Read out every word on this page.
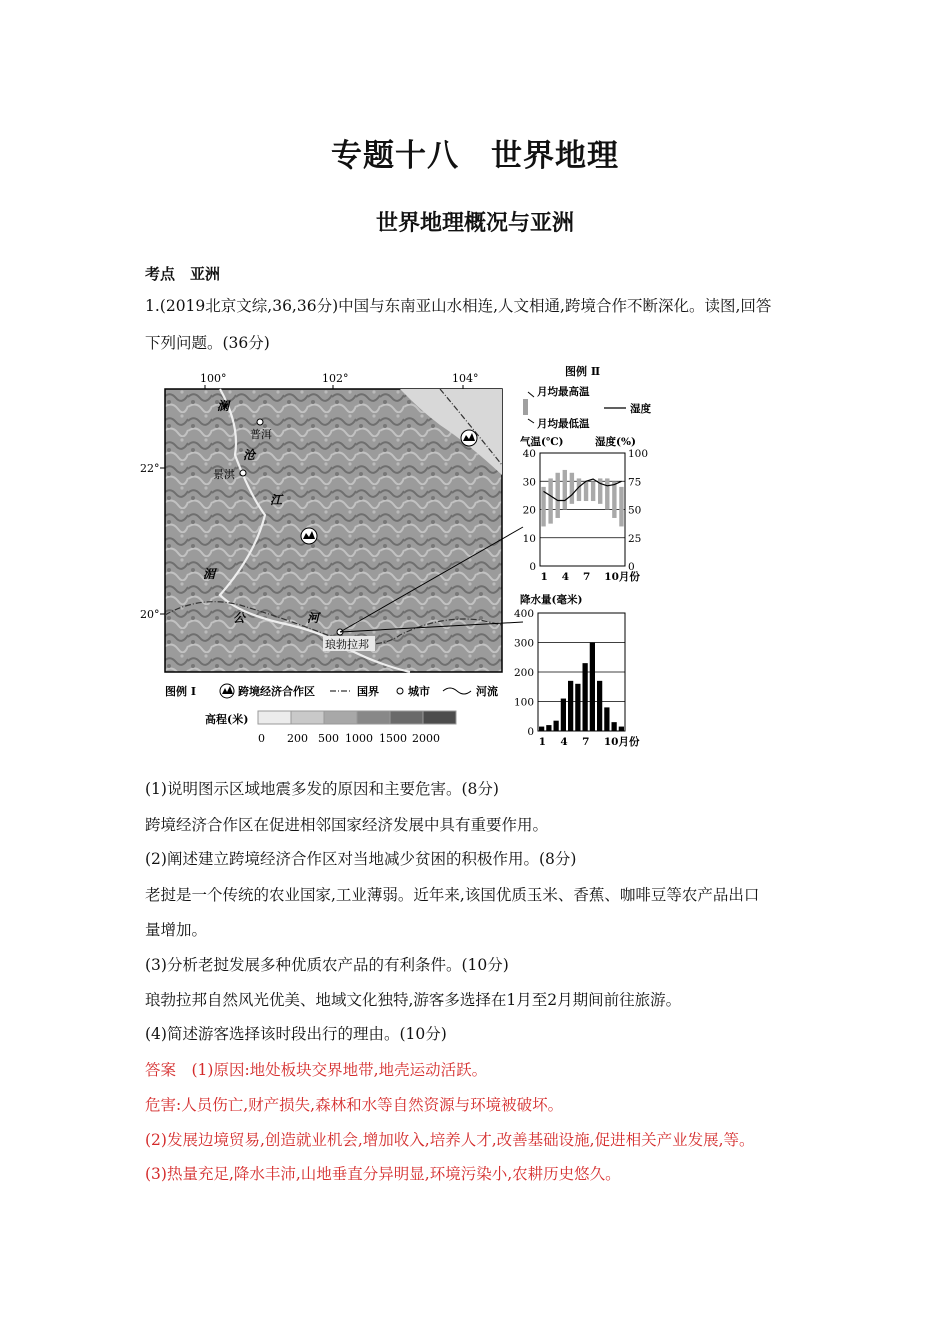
专题十八　世界地理
世界地理概况与亚洲
考点　亚洲
1.(2019北京文综,36,36分)中国与东南亚山水相连,人文相通,跨境合作不断深化。读图,回答
下列问题。(36分)
100°	102°	104°
22°
20°
澜
沧
江
湄
公	河
普洱
景洪
琅勃拉邦
图例 Ⅰ	跨境经济合作区	国界	城市	河流
高程(米)
0 200 500 1000 1500 2000
图例 Ⅱ
月均最高温
月均最低温
湿度
气温(℃)	湿度(%)
0
10
20
30
40
0
25
50
75
100
1 4 7 10月份
降水量(毫米)
0
100
200
300
400
1 4 7 10月份
(1)说明图示区域地震多发的原因和主要危害。(8分)
跨境经济合作区在促进相邻国家经济发展中具有重要作用。
(2)阐述建立跨境经济合作区对当地减少贫困的积极作用。(8分)
老挝是一个传统的农业国家,工业薄弱。近年来,该国优质玉米、香蕉、咖啡豆等农产品出口
量增加。
(3)分析老挝发展多种优质农产品的有利条件。(10分)
琅勃拉邦自然风光优美、地域文化独特,游客多选择在1月至2月期间前往旅游。
(4)简述游客选择该时段出行的理由。(10分)
答案　(1)原因:地处板块交界地带,地壳运动活跃。
危害:人员伤亡,财产损失,森林和水等自然资源与环境被破坏。
(2)发展边境贸易,创造就业机会,增加收入,培养人才,改善基础设施,促进相关产业发展,等。
(3)热量充足,降水丰沛,山地垂直分异明显,环境污染小,农耕历史悠久。
